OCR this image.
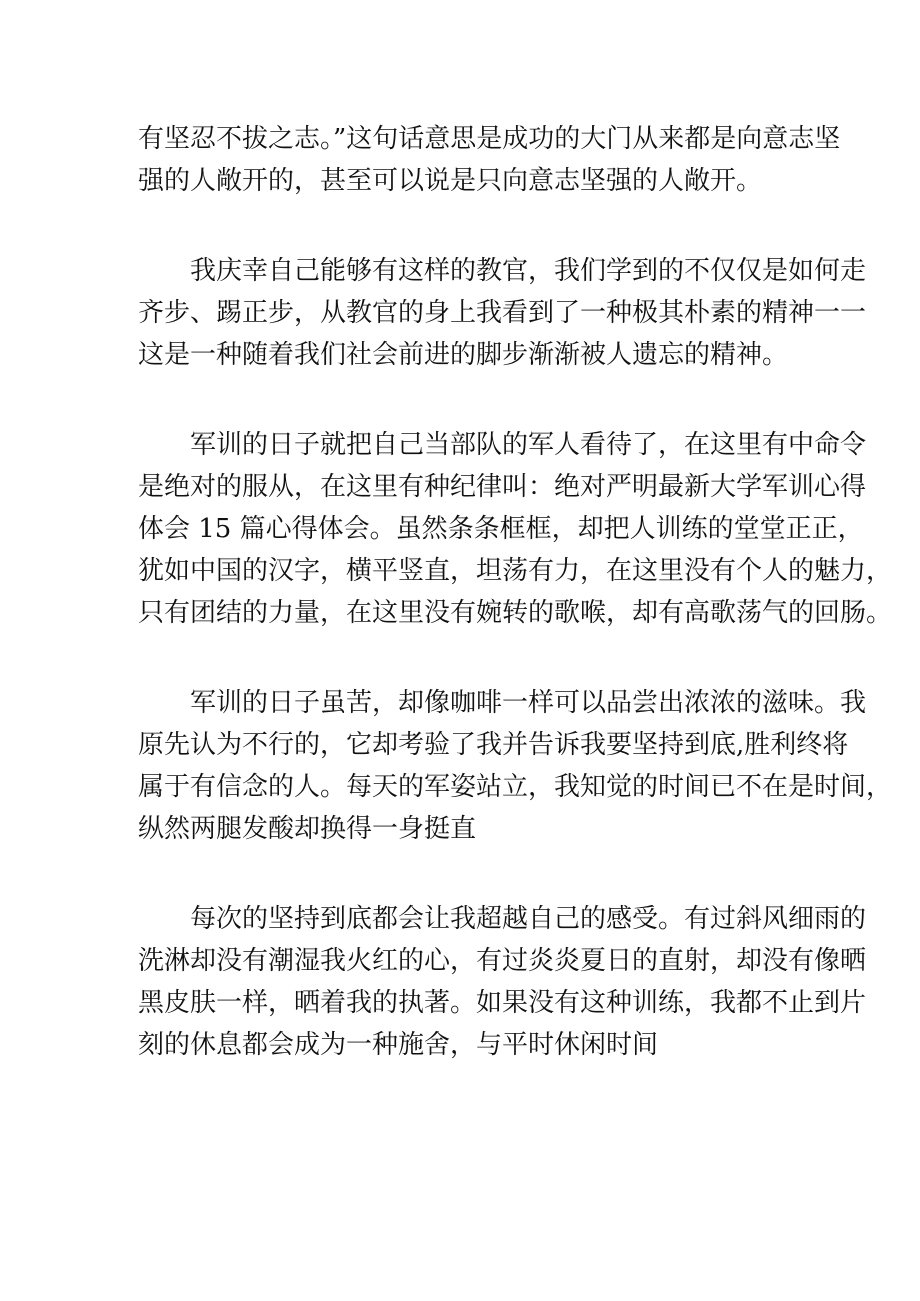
有坚忍不拔之志。”这句话意思是成功的大门从来都是向意志坚
强的人敞开的，甚至可以说是只向意志坚强的人敞开。

我庆幸自己能够有这样的教官，我们学到的不仅仅是如何走
齐步、踢正步，从教官的身上我看到了一种极其朴素的精神一一
这是一种随着我们社会前进的脚步渐渐被人遗忘的精神。

军训的日子就把自己当部队的军人看待了，在这里有中命令
是绝对的服从，在这里有种纪律叫：绝对严明最新大学军训心得
体会 15 篇心得体会。虽然条条框框，却把人训练的堂堂正正，
犹如中国的汉字，横平竖直，坦荡有力，在这里没有个人的魅力，
只有团结的力量，在这里没有婉转的歌喉，却有高歌荡气的回肠。

军训的日子虽苦，却像咖啡一样可以品尝出浓浓的滋味。我
原先认为不行的，它却考验了我并告诉我要坚持到底,胜利终将
属于有信念的人。每天的军姿站立，我知觉的时间已不在是时间，
纵然两腿发酸却换得一身挺直

每次的坚持到底都会让我超越自己的感受。有过斜风细雨的
洗淋却没有潮湿我火红的心，有过炎炎夏日的直射，却没有像晒
黑皮肤一样，晒着我的执著。如果没有这种训练，我都不止到片
刻的休息都会成为一种施舍，与平时休闲时间
